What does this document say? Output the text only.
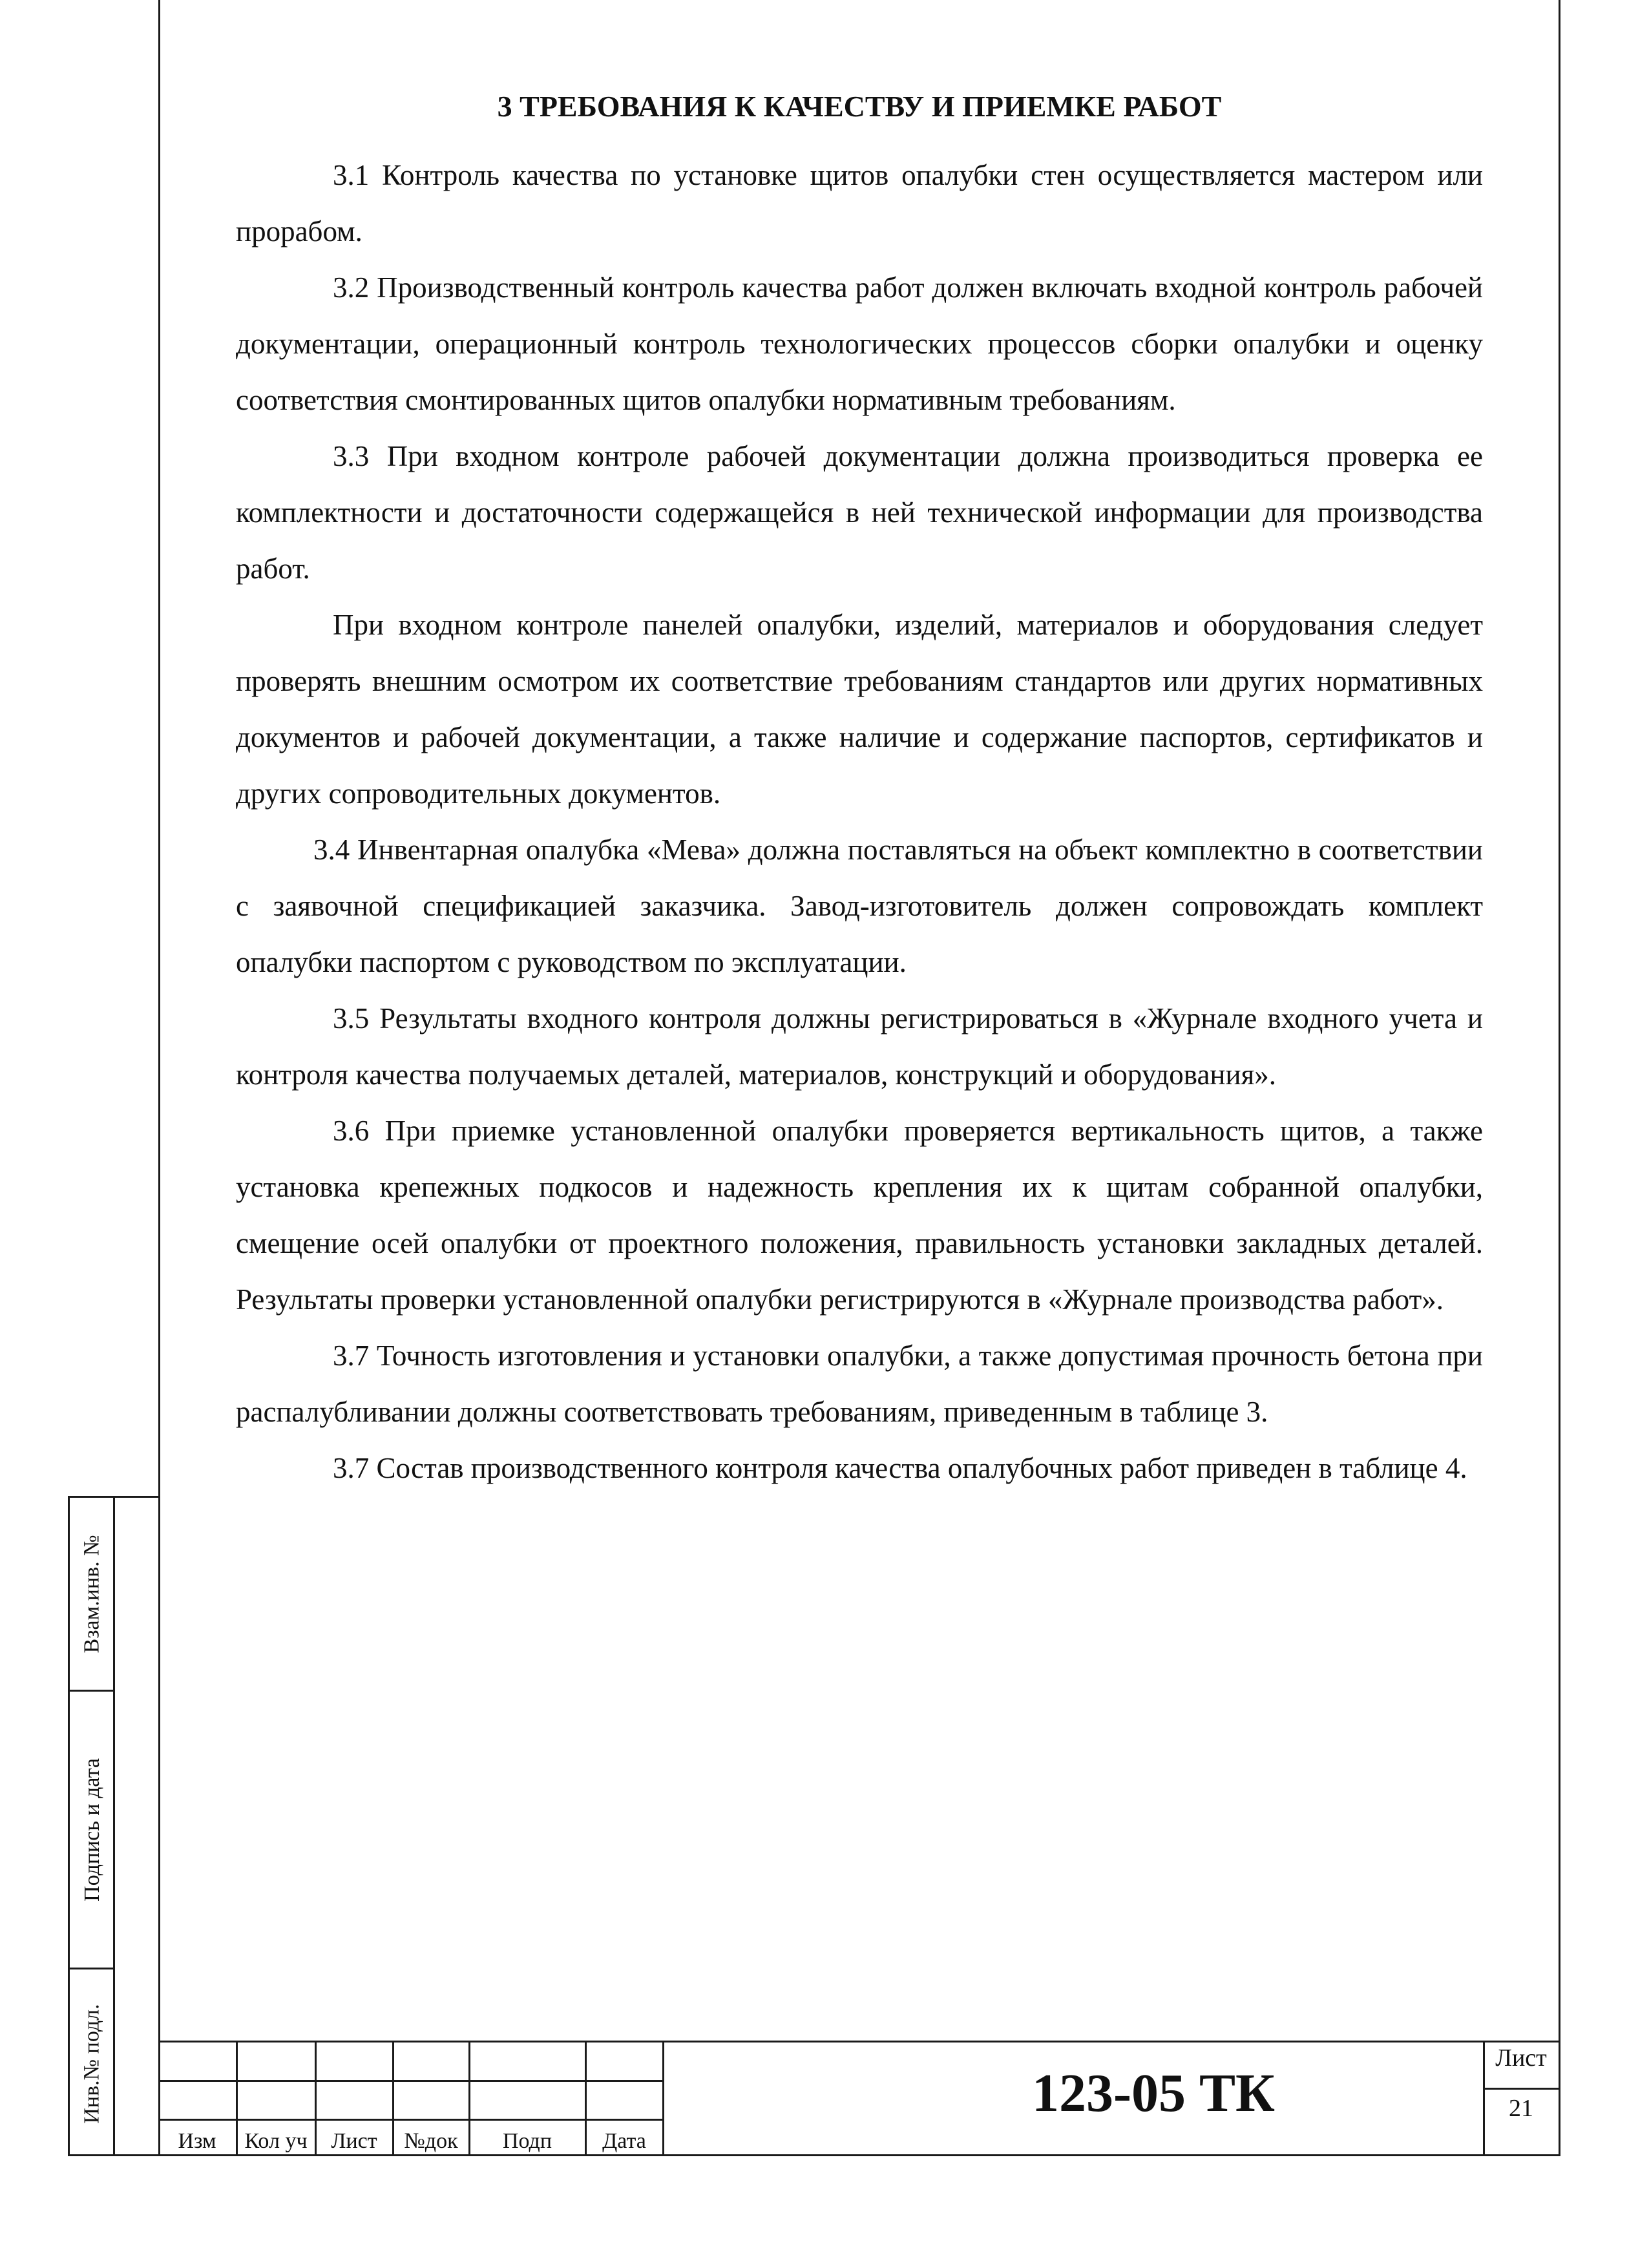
3 ТРЕБОВАНИЯ К КАЧЕСТВУ И ПРИЕМКЕ РАБОТ

3.1 Контроль качества по установке щитов опалубки стен осуществляется мастером или прорабом.

3.2 Производственный контроль качества работ должен включать входной контроль рабочей документации, операционный контроль технологических процессов сборки опалубки и оценку соответствия смонтированных щитов опалубки нормативным требованиям.

3.3 При входном контроле рабочей документации должна производиться проверка ее комплектности и достаточности содержащейся в ней технической информации для производства работ.

При входном контроле панелей опалубки, изделий, материалов и оборудования следует проверять внешним осмотром их соответствие требованиям стандартов или других нормативных документов и рабочей документации, а также наличие и содержание паспортов, сертификатов и других сопроводительных документов.

3.4 Инвентарная опалубка «Мева» должна поставляться на объект комплектно в соответствии с заявочной спецификацией заказчика. Завод-изготовитель должен сопровождать комплект опалубки паспортом с руководством по эксплуатации.

3.5 Результаты входного контроля должны регистрироваться в «Журнале входного учета и контроля качества получаемых деталей, материалов, конструкций и оборудования».

3.6 При приемке установленной опалубки проверяется вертикальность щитов, а также установка крепежных подкосов и надежность крепления их к щитам собранной опалубки, смещение осей опалубки от проектного положения, правильность установки закладных деталей. Результаты проверки установленной опалубки регистрируются в «Журнале производства работ».

3.7 Точность изготовления и установки опалубки, а также допустимая прочность бетона при распалубливании должны соответствовать требованиям, приведенным в таблице 3.

3.7 Состав производственного контроля качества опалубочных работ приведен в таблице 4.

Взам.инв. №
Подпись и дата
Инв.№ подл.
Изм	Кол уч	Лист	№док	Подп	Дата
123-05 ТК
Лист
21
